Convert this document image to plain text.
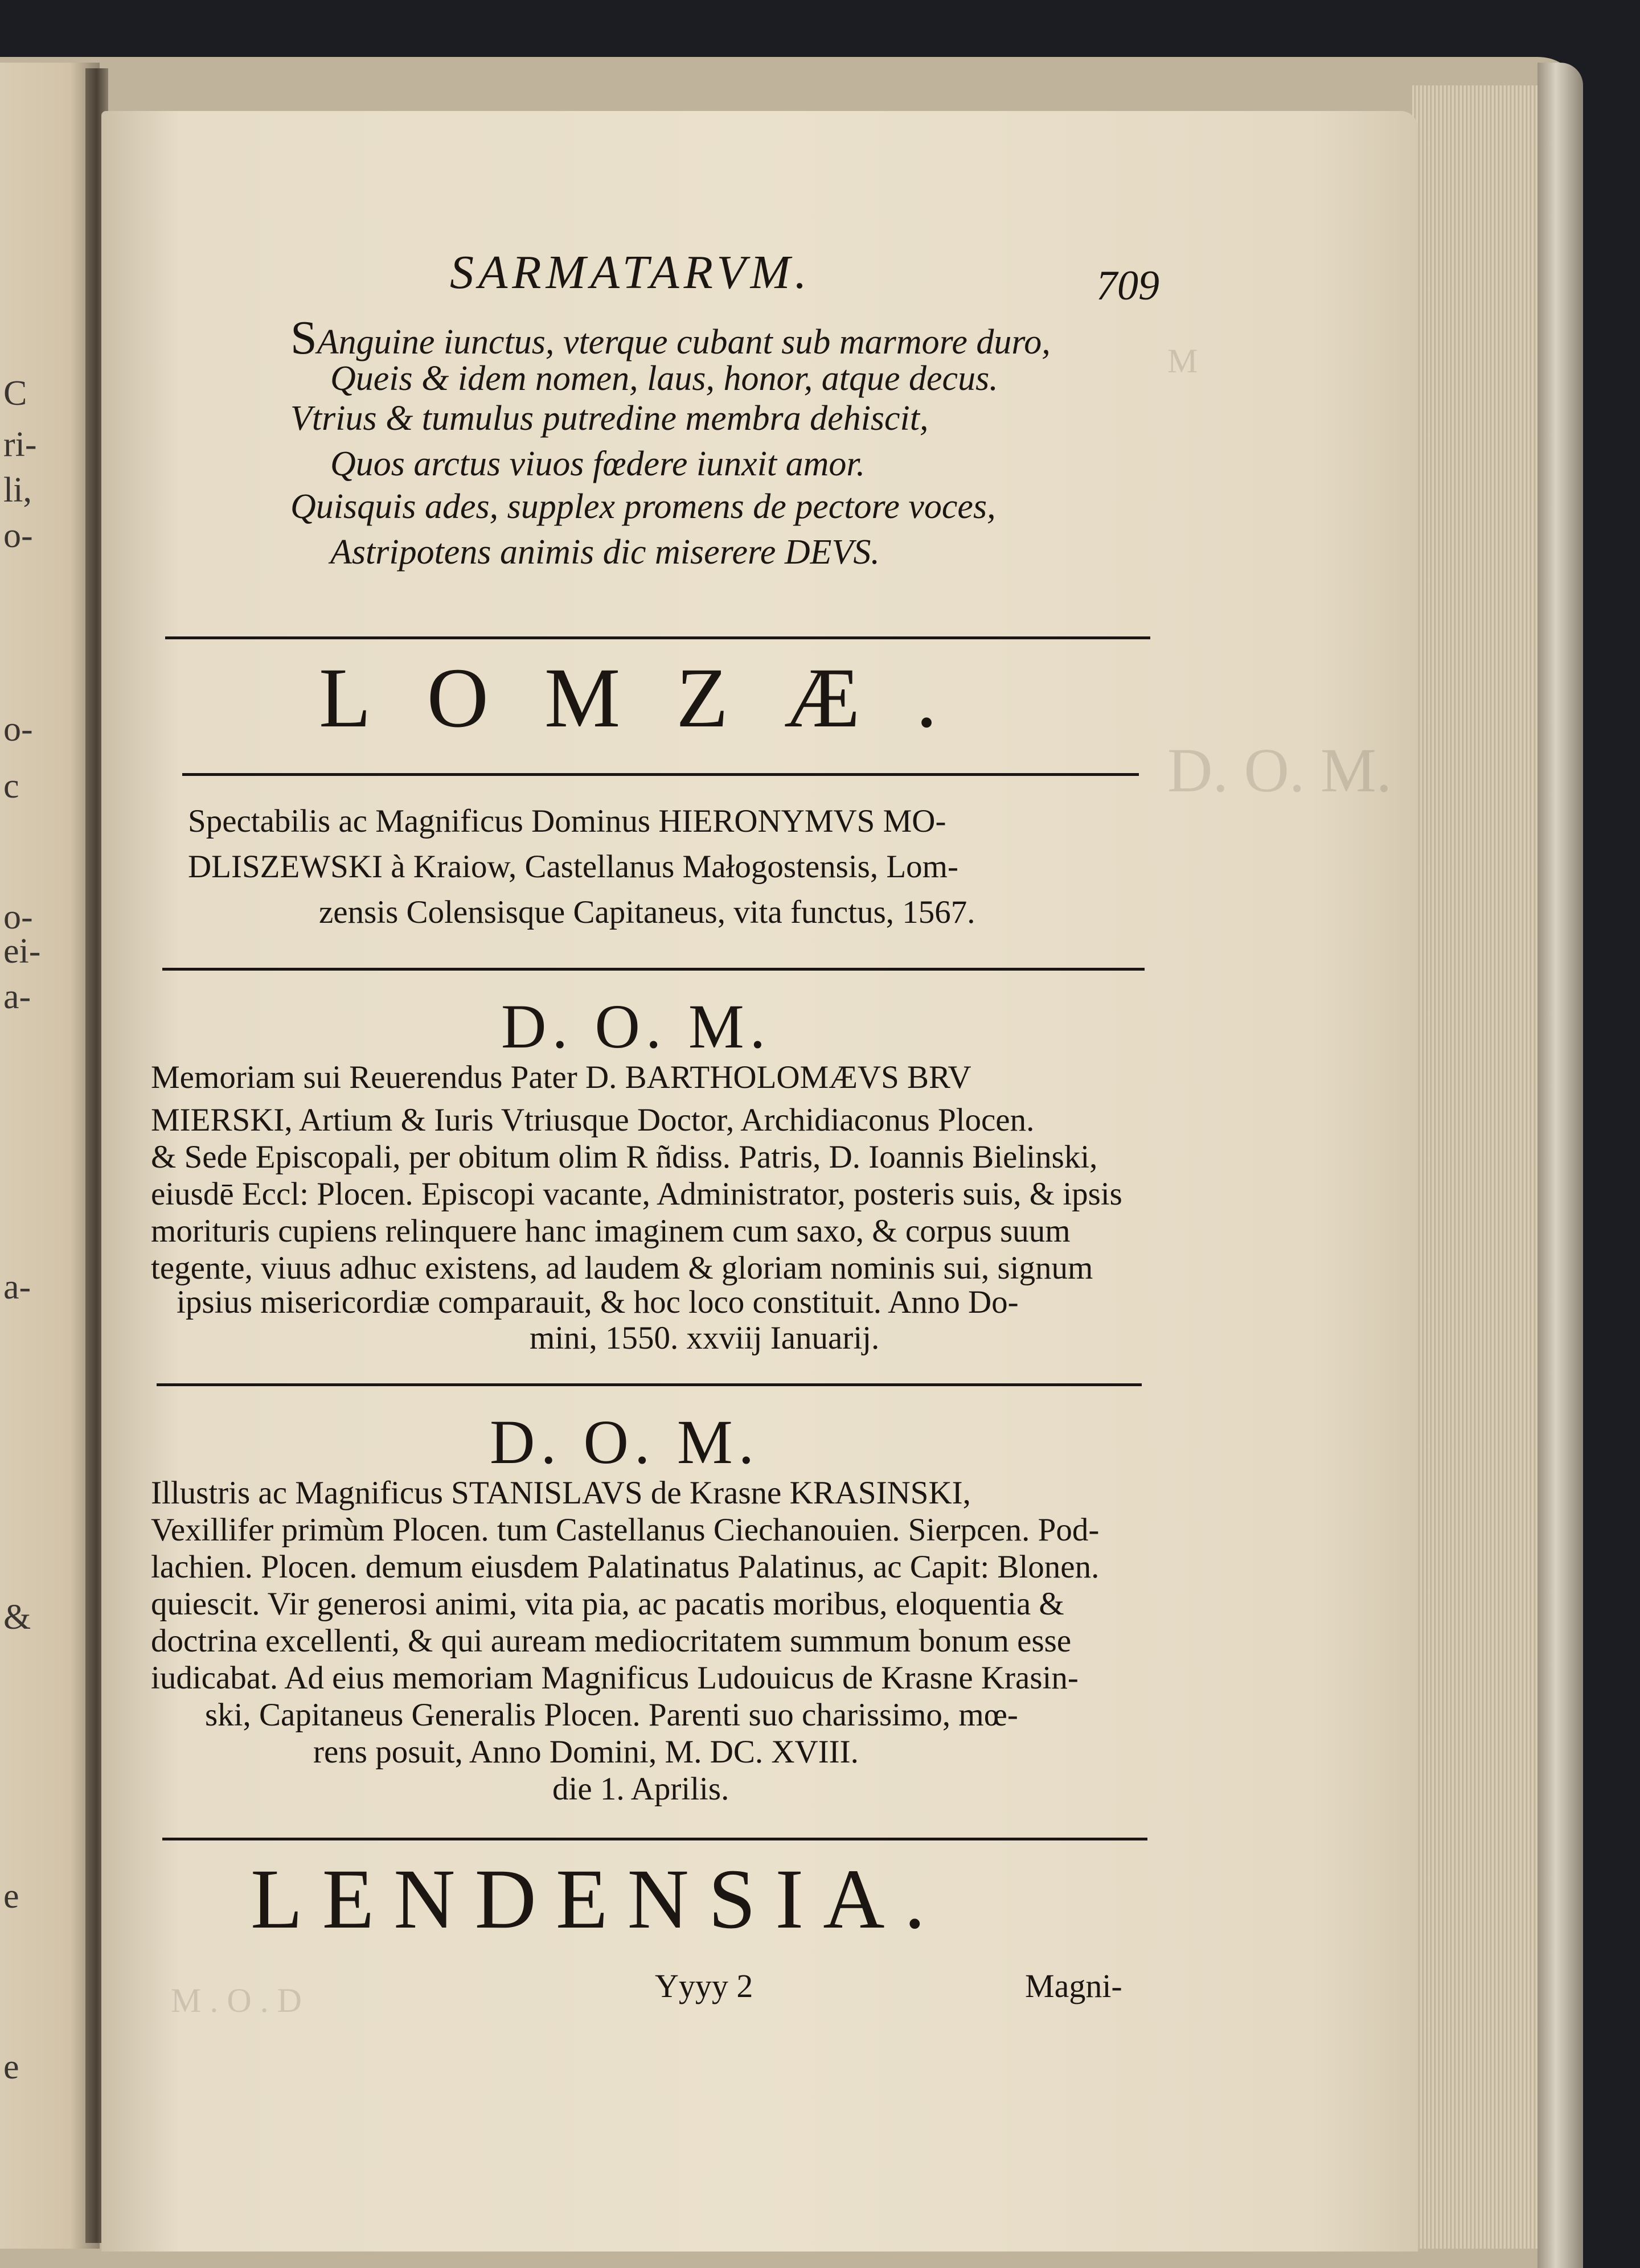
C
ri-
li,
o-
o-
c
o-
ei-
a-
a-
&
e
e
M
D. O. M.
M . O . D
SARMATARVM.	709
SAnguine iunctus, vterque cubant sub marmore duro,
Queis & idem nomen, laus, honor, atque decus.
Vtrius & tumulus putredine membra dehiscit,
Quos arctus viuos fœdere iunxit amor.
Quisquis ades, supplex promens de pectore voces,
Astripotens animis dic miserere DEVS.
LOMZÆ.
Spectabilis ac Magnificus Dominus HIERONYMVS MO-
DLISZEWSKI à Kraiow, Castellanus Małogostensis, Lom-
zensis Colensisque Capitaneus, vita functus, 1567.
D. O. M.
Memoriam sui Reuerendus Pater D. BARTHOLOMÆVS BRV
MIERSKI, Artium & Iuris Vtriusque Doctor, Archidiaconus Plocen.
& Sede Episcopali, per obitum olim R ñdiss. Patris, D. Ioannis Bielinski,
eiusdē Eccl: Plocen. Episcopi vacante, Administrator, posteris suis, & ipsis
morituris cupiens relinquere hanc imaginem cum saxo, & corpus suum
tegente, viuus adhuc existens, ad laudem & gloriam nominis sui, signum
ipsius misericordiæ comparauit, & hoc loco constituit. Anno Do-
mini, 1550. xxviij Ianuarij.
D. O. M.
Illustris ac Magnificus STANISLAVS de Krasne KRASINSKI,
Vexillifer primùm Plocen. tum Castellanus Ciechanouien. Sierpcen. Pod-
lachien. Plocen. demum eiusdem Palatinatus Palatinus, ac Capit: Blonen.
quiescit. Vir generosi animi, vita pia, ac pacatis moribus, eloquentia &
doctrina excellenti, & qui auream mediocritatem summum bonum esse
iudicabat. Ad eius memoriam Magnificus Ludouicus de Krasne Krasin-
ski, Capitaneus Generalis Plocen. Parenti suo charissimo, mœ-
rens posuit, Anno Domini, M. DC. XVIII.
die 1. Aprilis.
LENDENSIA.
Yyyy 2	Magni-
